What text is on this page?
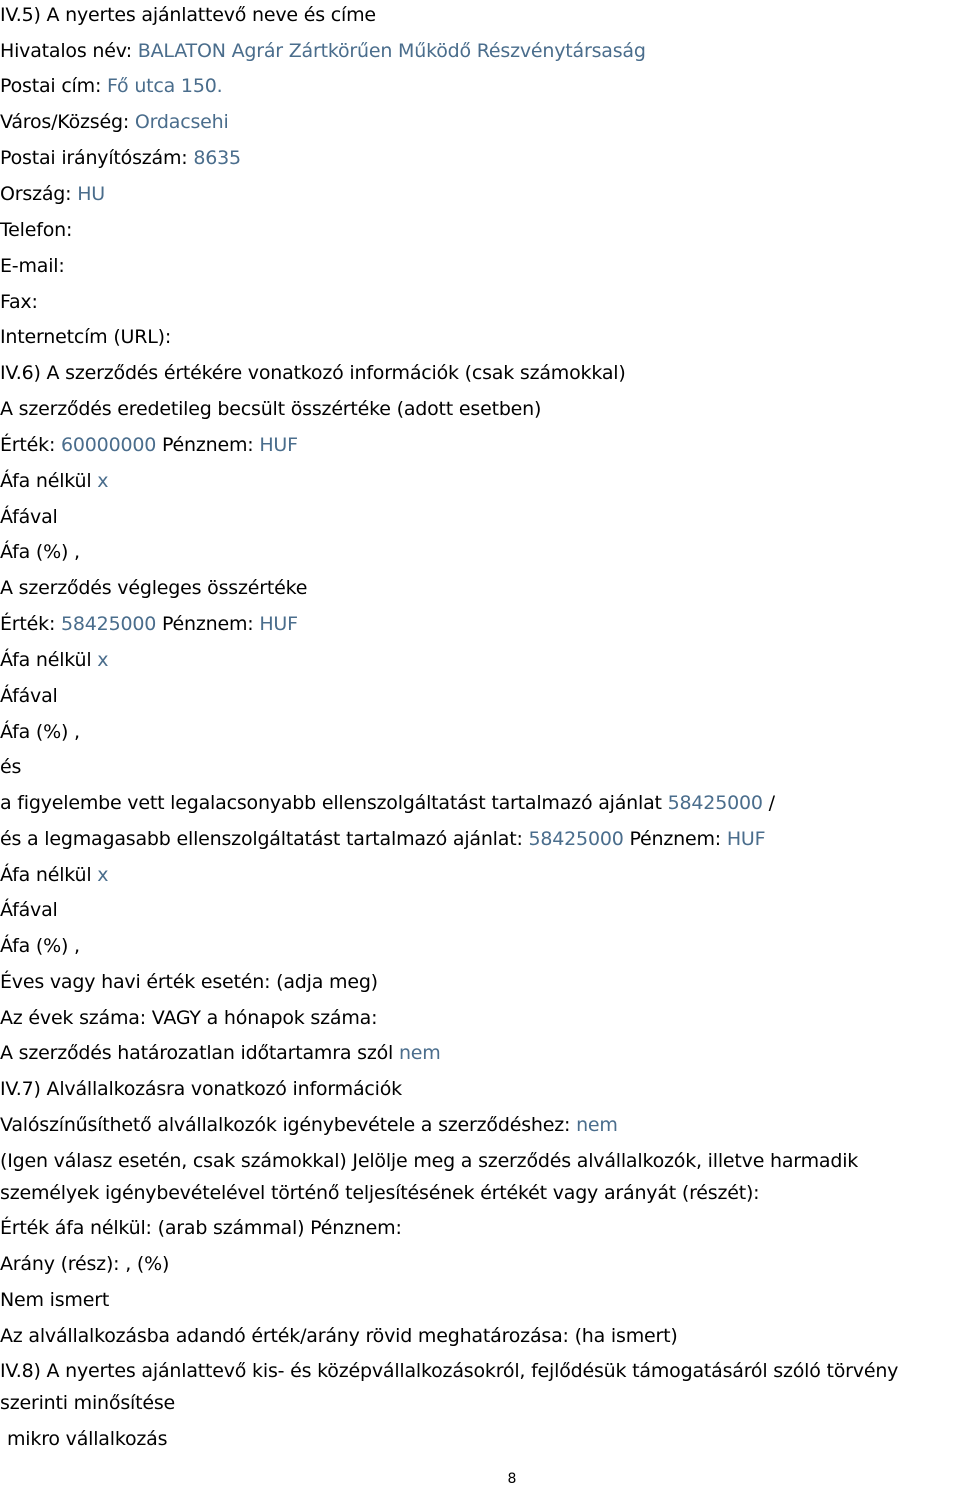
IV.5) A nyertes ajánlattevő neve és címe
Hivatalos név: BALATON Agrár Zártkörűen Működő Részvénytársaság
Postai cím: Fő utca 150.
Város/Község: Ordacsehi
Postai irányítószám: 8635
Ország: HU
Telefon:
E-mail:
Fax:
Internetcím (URL):
IV.6) A szerződés értékére vonatkozó információk (csak számokkal)
A szerződés eredetileg becsült összértéke (adott esetben)
Érték: 60000000 Pénznem: HUF
Áfa nélkül x
Áfával
Áfa (%) ,
A szerződés végleges összértéke
Érték: 58425000 Pénznem: HUF
Áfa nélkül x
Áfával
Áfa (%) ,
és
a figyelembe vett legalacsonyabb ellenszolgáltatást tartalmazó ajánlat 58425000 /
és a legmagasabb ellenszolgáltatást tartalmazó ajánlat: 58425000 Pénznem: HUF
Áfa nélkül x
Áfával
Áfa (%) ,
Éves vagy havi érték esetén: (adja meg)
Az évek száma: VAGY a hónapok száma:
A szerződés határozatlan időtartamra szól nem
IV.7) Alvállalkozásra vonatkozó információk
Valószínűsíthető alvállalkozók igénybevétele a szerződéshez: nem
(Igen válasz esetén, csak számokkal) Jelölje meg a szerződés alvállalkozók, illetve harmadik
személyek igénybevételével történő teljesítésének értékét vagy arányát (részét):
Érték áfa nélkül: (arab számmal) Pénznem:
Arány (rész): , (%)
Nem ismert
Az alvállalkozásba adandó érték/arány rövid meghatározása: (ha ismert)
IV.8) A nyertes ajánlattevő kis- és középvállalkozásokról, fejlődésük támogatásáról szóló törvény
szerinti minősítése
mikro vállalkozás
8
